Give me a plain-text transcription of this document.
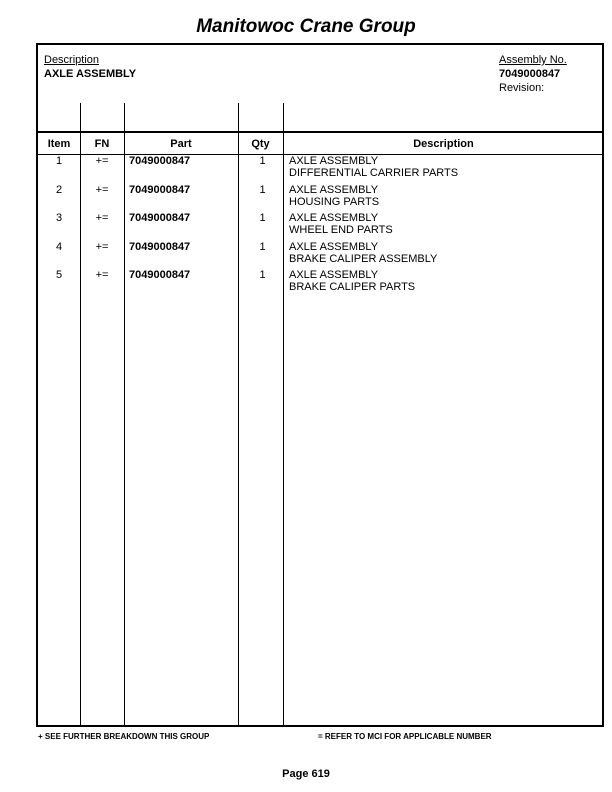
Manitowoc Crane Group
Description
AXLE ASSEMBLY
Assembly No.
7049000847
Revision:
Item	FN	Part	Qty	Description
1	+=	7049000847	1	AXLE ASSEMBLY
DIFFERENTIAL CARRIER PARTS
2	+=	7049000847	1	AXLE ASSEMBLY
HOUSING PARTS
3	+=	7049000847	1	AXLE ASSEMBLY
WHEEL END PARTS
4	+=	7049000847	1	AXLE ASSEMBLY
BRAKE CALIPER ASSEMBLY
5	+=	7049000847	1	AXLE ASSEMBLY
BRAKE CALIPER PARTS
+ SEE FURTHER BREAKDOWN THIS GROUP	= REFER TO MCI FOR APPLICABLE NUMBER
Page 619
